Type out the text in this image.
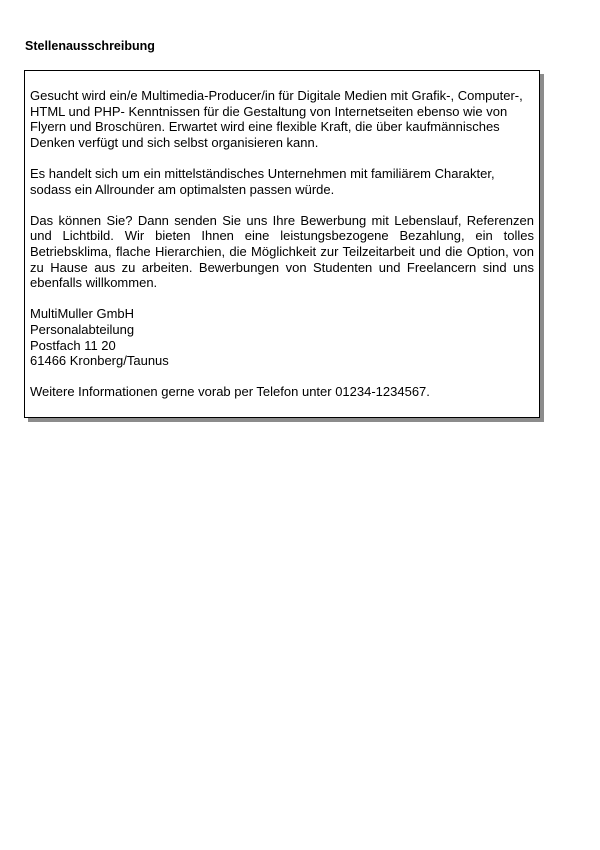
Stellenausschreibung

Gesucht wird ein/e Multimedia-Producer/in für Digitale Medien mit Grafik-, Computer-, HTML und PHP- Kenntnissen für die Gestaltung von Internetseiten ebenso wie von Flyern und Broschüren. Erwartet wird eine flexible Kraft, die über kaufmännisches Denken verfügt und sich selbst organisieren kann.

Es handelt sich um ein mittelständisches Unternehmen mit familiärem Charakter, sodass ein Allrounder am optimalsten passen würde.

Das können Sie? Dann senden Sie uns Ihre Bewerbung mit Lebenslauf, Referenzen und Lichtbild. Wir bieten Ihnen eine leistungsbezogene Bezahlung, ein tolles Betriebsklima, flache Hierarchien, die Möglichkeit zur Teilzeitarbeit und die Option, von zu Hause aus zu arbeiten. Bewerbungen von Studenten und Freelancern sind uns ebenfalls willkommen.

MultiMuller GmbH
Personalabteilung
Postfach 11 20
61466 Kronberg/Taunus

Weitere Informationen gerne vorab per Telefon unter 01234-1234567.
